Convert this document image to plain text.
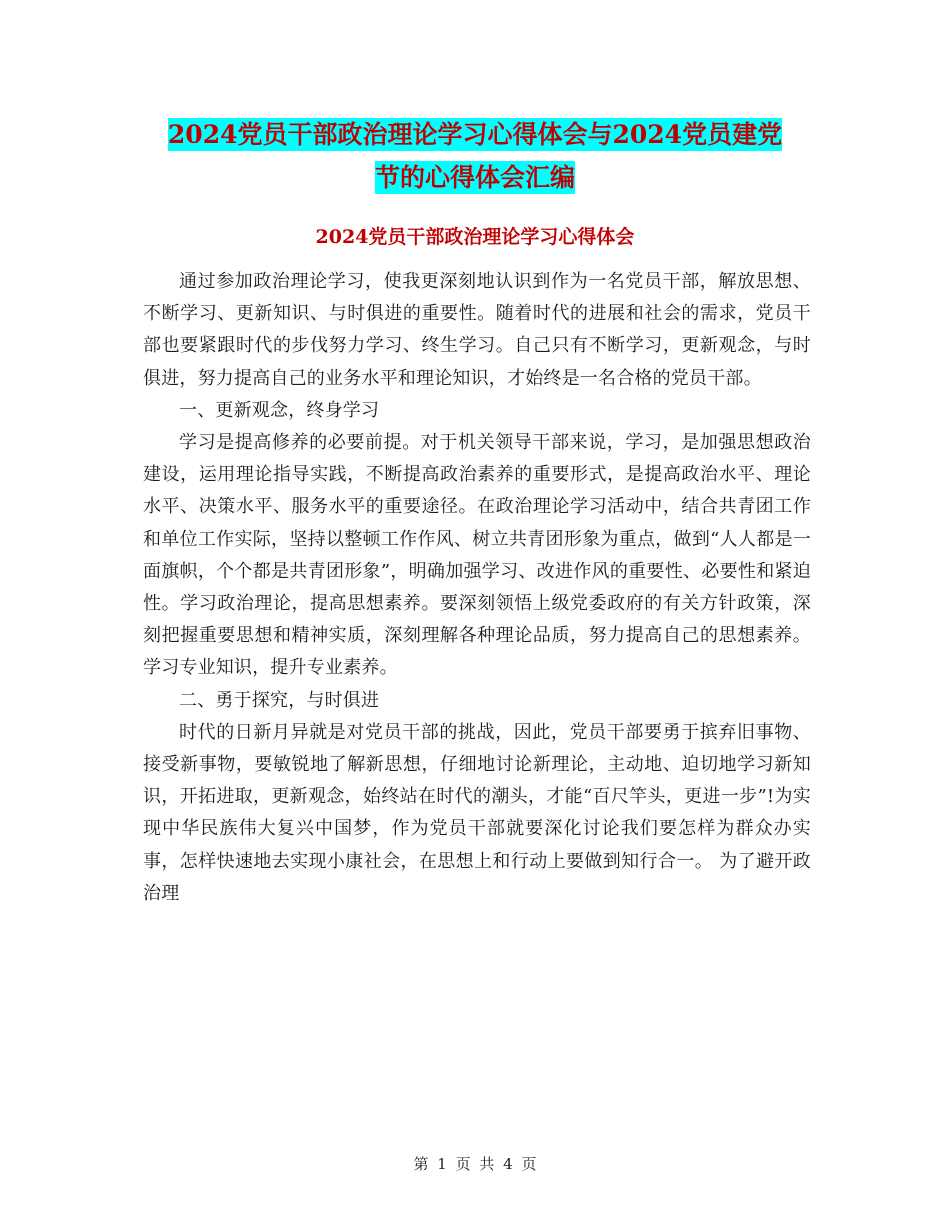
2024党员干部政治理论学习心得体会与2024党员建党
节的心得体会汇编
2024党员干部政治理论学习心得体会

通过参加政治理论学习，使我更深刻地认识到作为一名党员干部，解放思想、不断学习、更新知识、与时俱进的重要性。随着时代的进展和社会的需求，党员干部也要紧跟时代的步伐努力学习、终生学习。自己只有不断学习，更新观念，与时俱进，努力提高自己的业务水平和理论知识，才始终是一名合格的党员干部。

一、更新观念，终身学习

学习是提高修养的必要前提。对于机关领导干部来说，学习，是加强思想政治建设，运用理论指导实践，不断提高政治素养的重要形式，是提高政治水平、理论水平、决策水平、服务水平的重要途径。在政治理论学习活动中，结合共青团工作和单位工作实际，坚持以整顿工作作风、树立共青团形象为重点，做到“人人都是一面旗帜，个个都是共青团形象”，明确加强学习、改进作风的重要性、必要性和紧迫性。学习政治理论，提高思想素养。要深刻领悟上级党委政府的有关方针政策，深刻把握重要思想和精神实质，深刻理解各种理论品质，努力提高自己的思想素养。学习专业知识，提升专业素养。

二、勇于探究，与时俱进

时代的日新月异就是对党员干部的挑战，因此，党员干部要勇于摈弃旧事物、接受新事物，要敏锐地了解新思想，仔细地讨论新理论，主动地、迫切地学习新知识，开拓进取，更新观念，始终站在时代的潮头，才能“百尺竿头，更进一步”!为实现中华民族伟大复兴中国梦，作为党员干部就要深化讨论我们要怎样为群众办实事，怎样快速地去实现小康社会，在思想上和行动上要做到知行合一。 为了避开政治理

第 1 页 共 4 页
